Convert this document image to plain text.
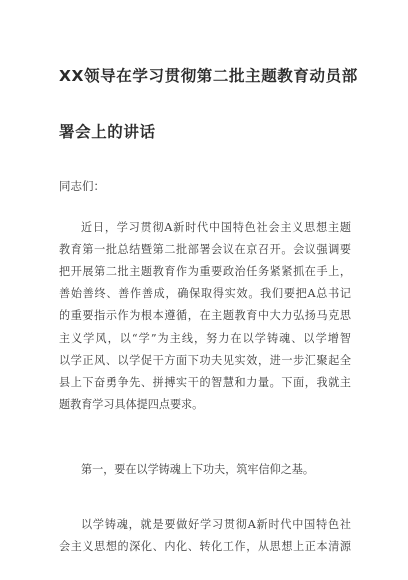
XX领导在学习贯彻第二批主题教育动员部
署会上的讲话
同志们：
近日，学习贯彻A新时代中国特色社会主义思想主题
教育第一批总结暨第二批部署会议在京召开。会议强调要
把开展第二批主题教育作为重要政治任务紧紧抓在手上，
善始善终、善作善成，确保取得实效。我们要把A总书记
的重要指示作为根本遵循，在主题教育中大力弘扬马克思
主义学风，以“学”为主线，努力在以学铸魂、以学增智
以学正风、以学促干方面下功夫见实效，进一步汇聚起全
县上下奋勇争先、拼搏实干的智慧和力量。下面，我就主
题教育学习具体提四点要求。
第一，要在以学铸魂上下功夫，筑牢信仰之基。
以学铸魂，就是要做好学习贯彻A新时代中国特色社
会主义思想的深化、内化、转化工作，从思想上正本清源
